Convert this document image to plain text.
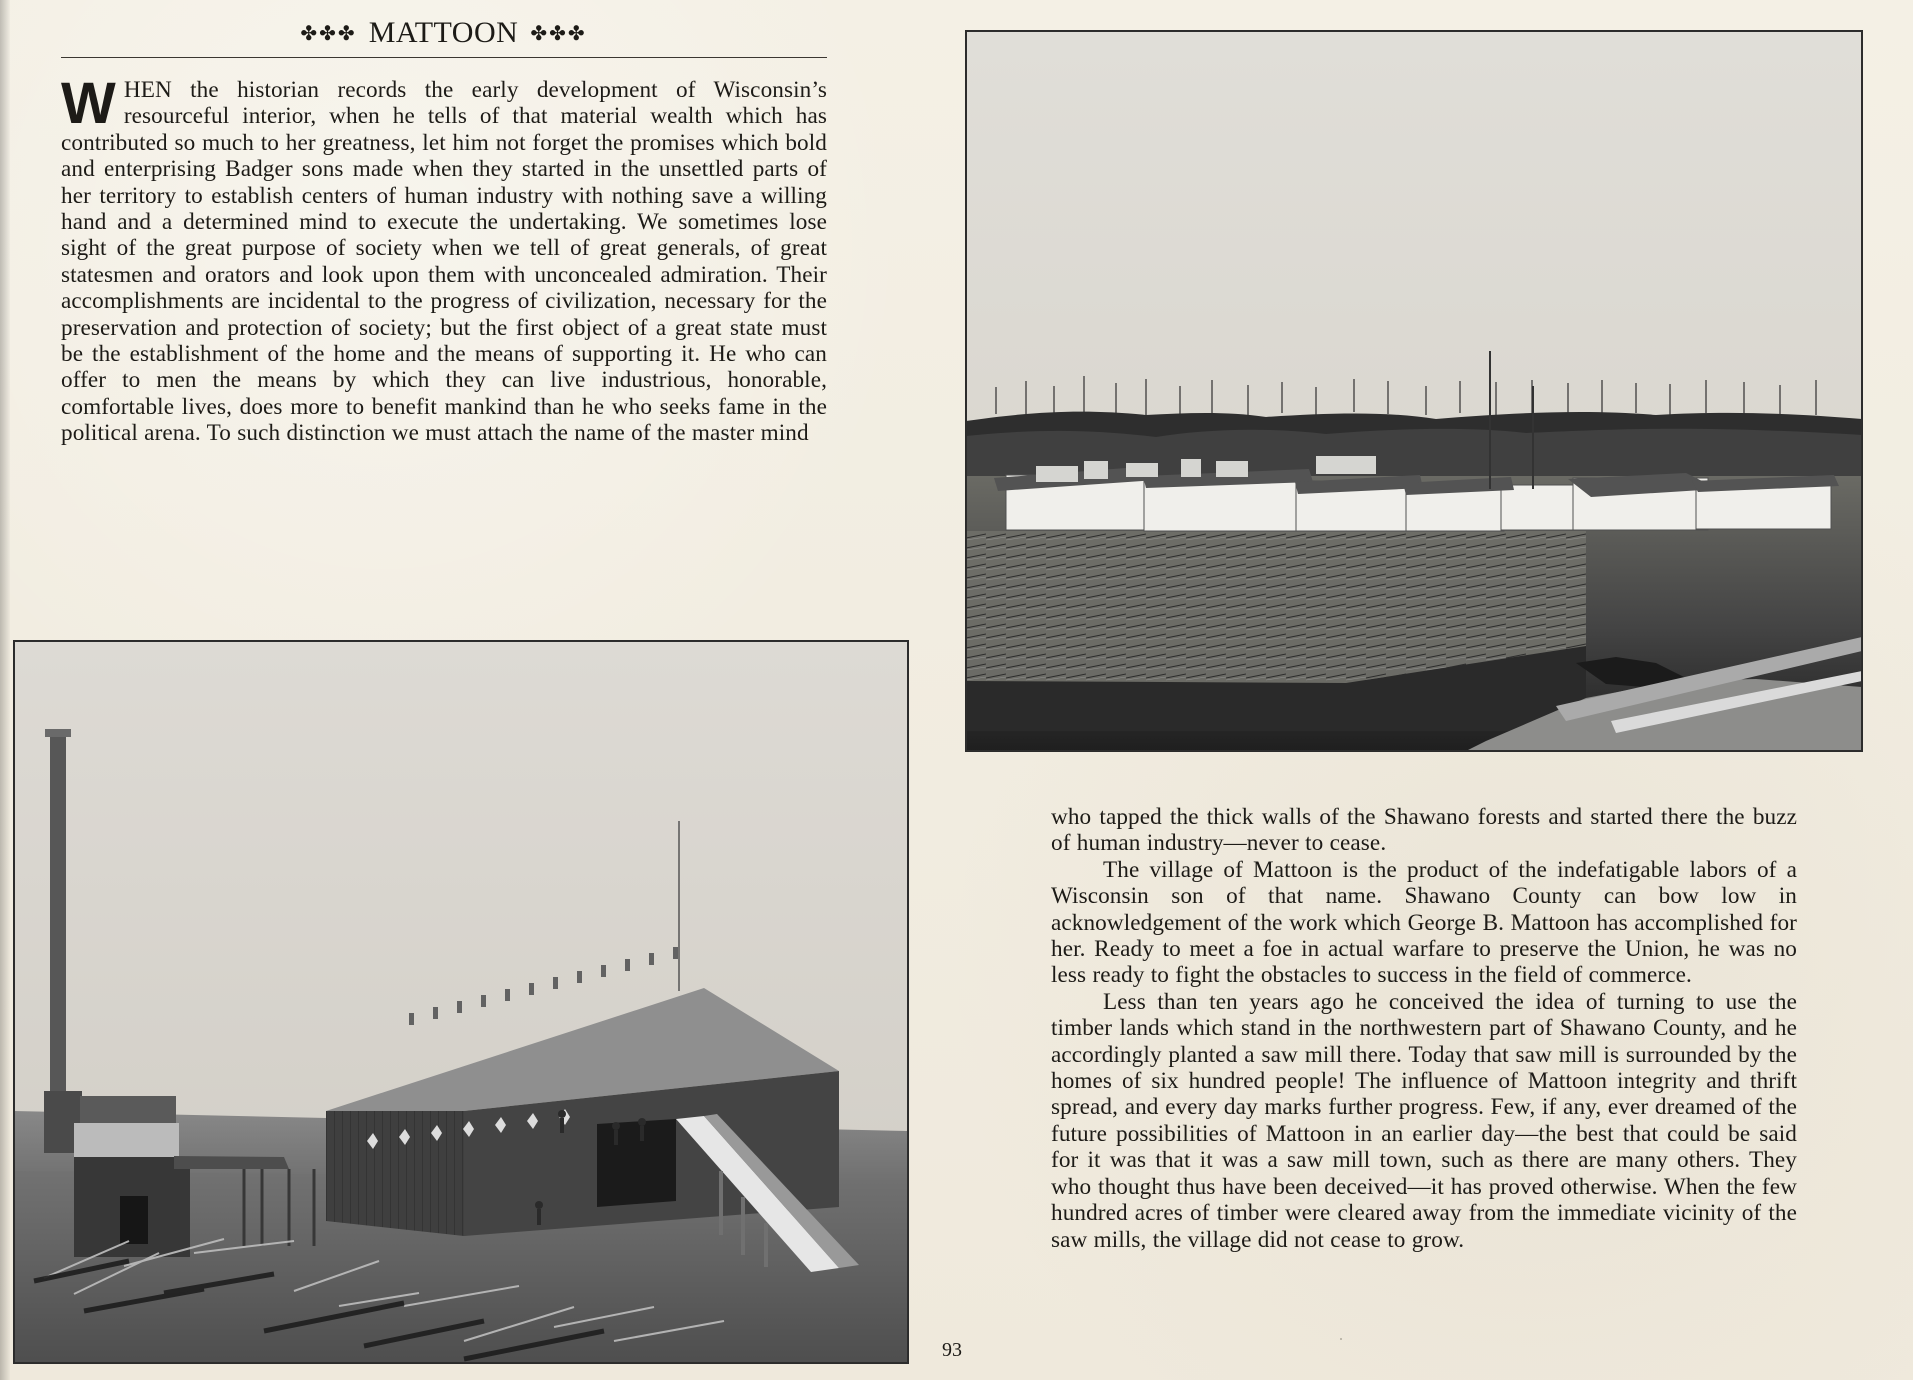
✤✤✤ MATTOON ✤✤✤

WHEN the historian records the early development of Wisconsin’s resourceful interior, when he tells of that material wealth which has contributed so much to her greatness, let him not forget the promises which bold and enterprising Badger sons made when they started in the unsettled parts of her territory to establish centers of human industry with nothing save a willing hand and a determined mind to execute the undertaking. We sometimes lose sight of the great purpose of society when we tell of great generals, of great statesmen and orators and look upon them with unconcealed admiration. Their accomplishments are incidental to the progress of civilization, necessary for the preservation and protection of society; but the first object of a great state must be the establishment of the home and the means of supporting it. He who can offer to men the means by which they can live industrious, honorable, comfortable lives, does more to benefit mankind than he who seeks fame in the political arena. To such distinction we must attach the name of the master mind

who tapped the thick walls of the Shawano forests and started there the buzz of human industry—never to cease.

The village of Mattoon is the product of the indefatigable labors of a Wisconsin son of that name. Shawano County can bow low in acknowledgement of the work which George B. Mattoon has accomplished for her. Ready to meet a foe in actual warfare to preserve the Union, he was no less ready to fight the obstacles to success in the field of commerce.

Less than ten years ago he conceived the idea of turning to use the timber lands which stand in the northwestern part of Shawano County, and he accordingly planted a saw mill there. Today that saw mill is surrounded by the homes of six hundred people! The influence of Mattoon integrity and thrift spread, and every day marks further progress. Few, if any, ever dreamed of the future possibilities of Mattoon in an earlier day—the best that could be said for it was that it was a saw mill town, such as there are many others. They who thought thus have been deceived—it has proved otherwise. When the few hundred acres of timber were cleared away from the immediate vicinity of the saw mills, the village did not cease to grow.

93
